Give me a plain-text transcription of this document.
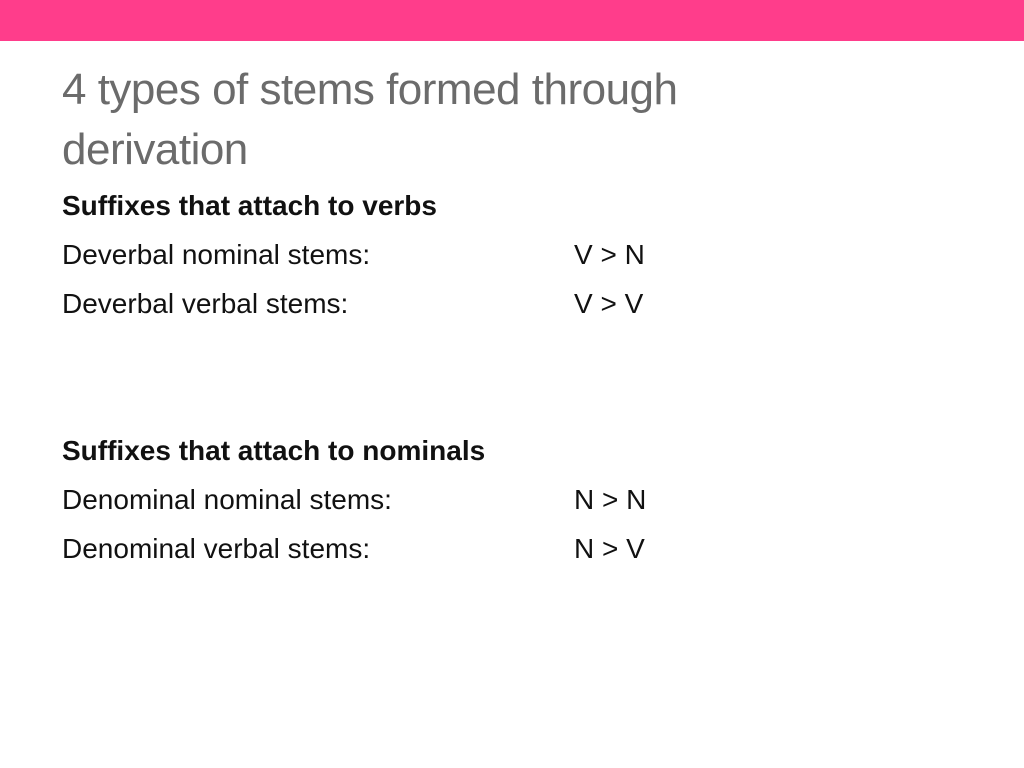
4 types of stems formed through
derivation
Suffixes that attach to verbs
Deverbal nominal stems:	V > N
Deverbal verbal stems:	V > V
Suffixes that attach to nominals
Denominal nominal stems:	N > N
Denominal verbal stems:	N > V
